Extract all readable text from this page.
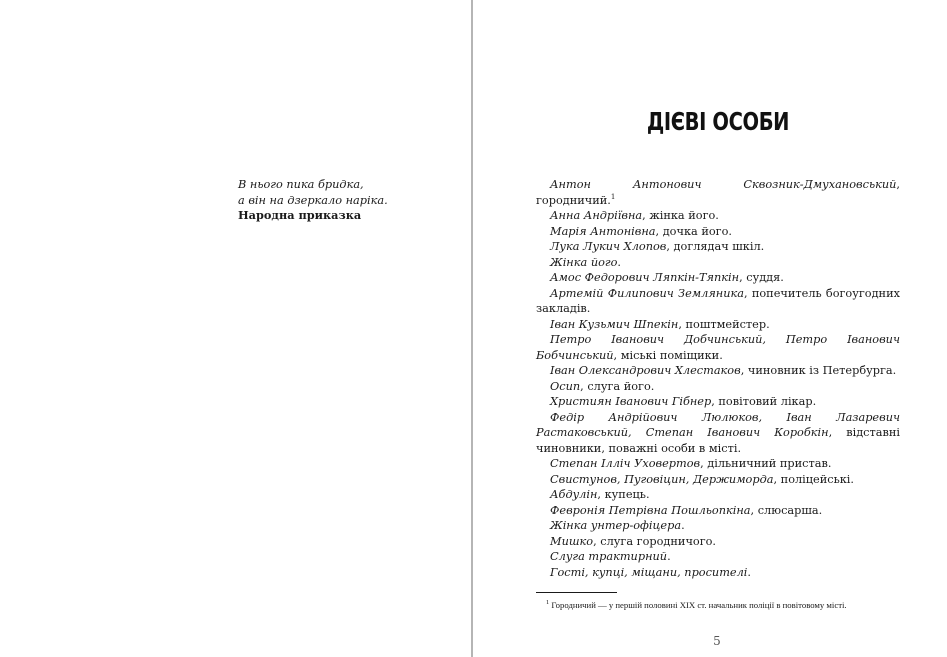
В нього пика бридка,
а він на дзеркало наріка.
Народна приказка
ДІЄВІ ОСОБИ
Антон Антонович Сквозник-Дмухановський, городничий.$^1$
Анна Андріївна, жінка його.
Марія Антонівна, дочка його.
Лука Лукич Хлопов, доглядач шкіл.
Жінка його.
Амос Федорович Ляпкін-Тяпкін, суддя.
Артемій Филипович Земляника, попечитель богоугодних закладів.
Іван Кузьмич Шпекін, поштмейстер.
Петро Іванович Добчинський, Петро Іванович Бобчинський, міські поміщики.
Іван Олександрович Хлестаков, чиновник із Петербурга.
Осип, слуга його.
Християн Іванович Гібнер, повітовий лікар.
Федір Андрійович Люлюков, Іван Лазаревич Растаковський, Степан Іванович Коробкін, відставні чиновники, поважні особи в місті.
Степан Ілліч Уховертов, дільничний пристав.
Свистунов, Пуговіцин, Держиморда, поліцейські.
Абдулін, купець.
Февронія Петрівна Пошльопкіна, слюсарша.
Жінка унтер-офіцера.
Мишко, слуга городничого.
Слуга трактирний.
Гості, купці, міщани, просителі.
$^1$ Городничий — у першій половині XIX ст. начальник поліції в повітовому місті.
5
